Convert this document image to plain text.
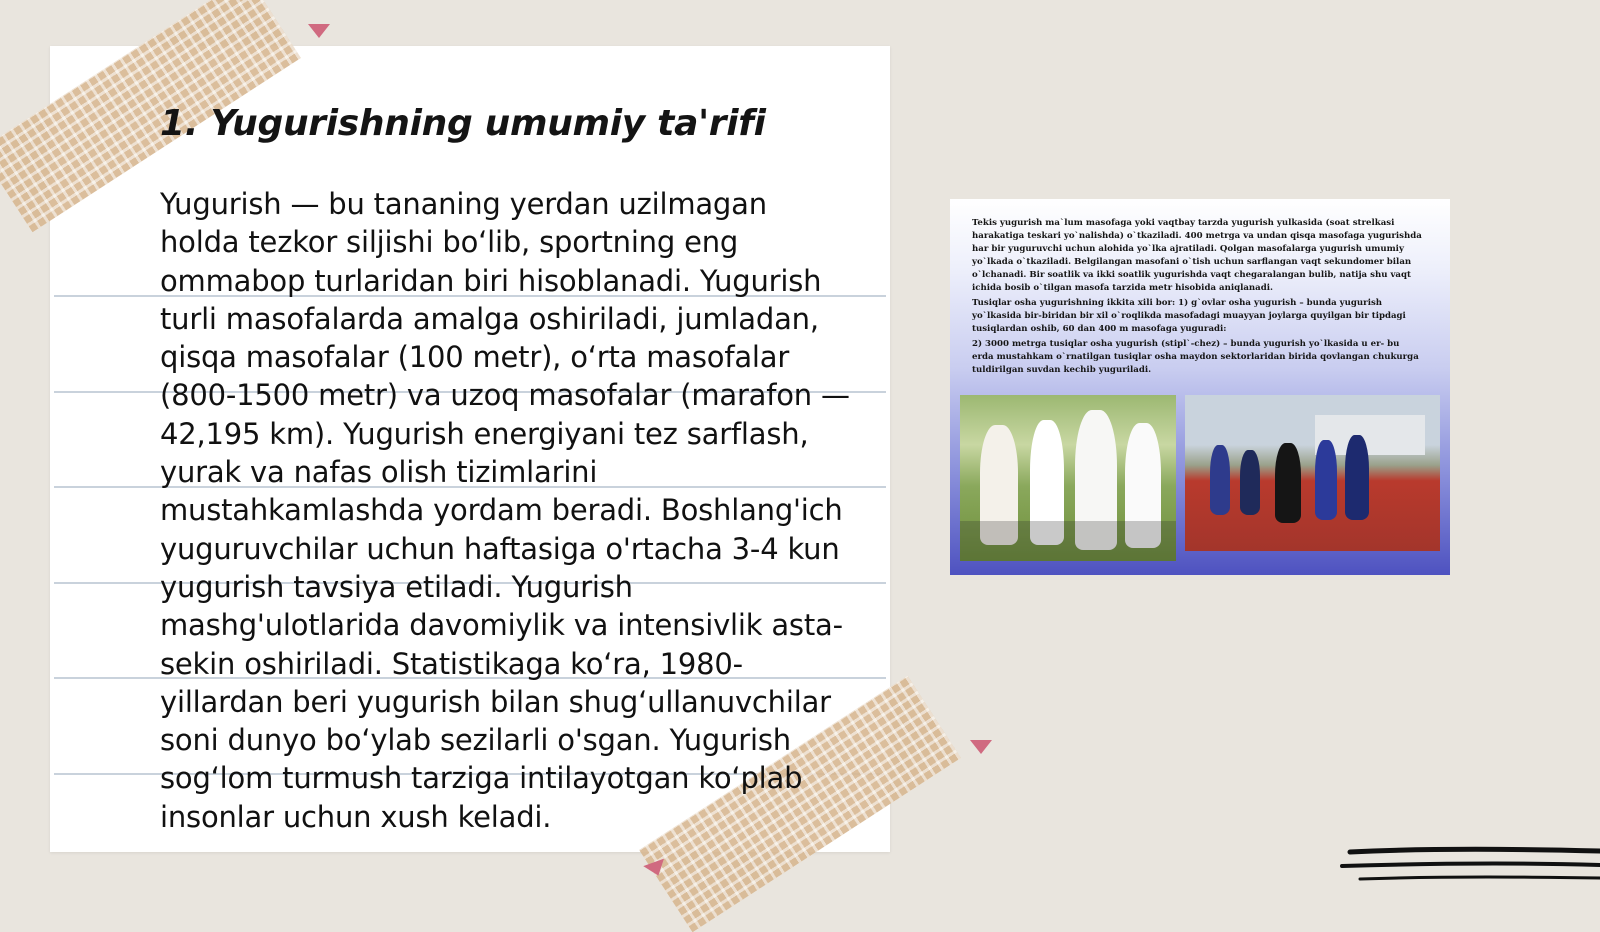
1. Yugurishning umumiy ta'rifi

Yugurish — bu tananing yerdan uzilmagan holda tezkor siljishi bo‘lib, sportning eng ommabop turlaridan biri hisoblanadi. Yugurish turli masofalarda amalga oshiriladi, jumladan, qisqa masofalar (100 metr), o‘rta masofalar (800-1500 metr) va uzoq masofalar (marafon — 42,195 km). Yugurish energiyani tez sarflash, yurak va nafas olish tizimlarini mustahkamlashda yordam beradi. Boshlang'ich yuguruvchilar uchun haftasiga o'rtacha 3-4 kun yugurish tavsiya etiladi. Yugurish mashg'ulotlarida davomiylik va intensivlik asta-sekin oshiriladi. Statistikaga ko‘ra, 1980-yillardan beri yugurish bilan shug‘ullanuvchilar soni dunyo bo‘ylab sezilarli o'sgan. Yugurish sog‘lom turmush tarziga intilayotgan ko‘plab insonlar uchun xush keladi.

Tekis yugurish ma`lum masofaga yoki vaqtbay tarzda yugurish yulkasida (soat strelkasi harakatiga teskari yo`nalishda) o`tkaziladi. 400 metrga va undan qisqa masofaga yugurishda har bir yuguruvchi uchun alohida yo`lka ajratiladi. Qolgan masofalarga yugurish umumiy yo`lkada o`tkaziladi. Belgilangan masofani o`tish uchun sarflangan vaqt sekundomer bilan o`lchanadi. Bir soatlik va ikki soatlik yugurishda vaqt chegaralangan bulib, natija shu vaqt ichida bosib o`tilgan masofa tarzida metr hisobida aniqlanadi.

Tusiqlar osha yugurishning ikkita xili bor: 1) g`ovlar osha yugurish – bunda yugurish yo`lkasida bir-biridan bir xil o`roqlikda masofadagi muayyan joylarga quyilgan bir tipdagi tusiqlardan oshib, 60 dan 400 m masofaga yuguradi:

2) 3000 metrga tusiqlar osha yugurish (stipl`-chez) – bunda yugurish yo`lkasida u er- bu erda mustahkam o`rnatilgan tusiqlar osha maydon sektorlaridan birida qovlangan chukurga tuldirilgan suvdan kechib yuguriladi.
